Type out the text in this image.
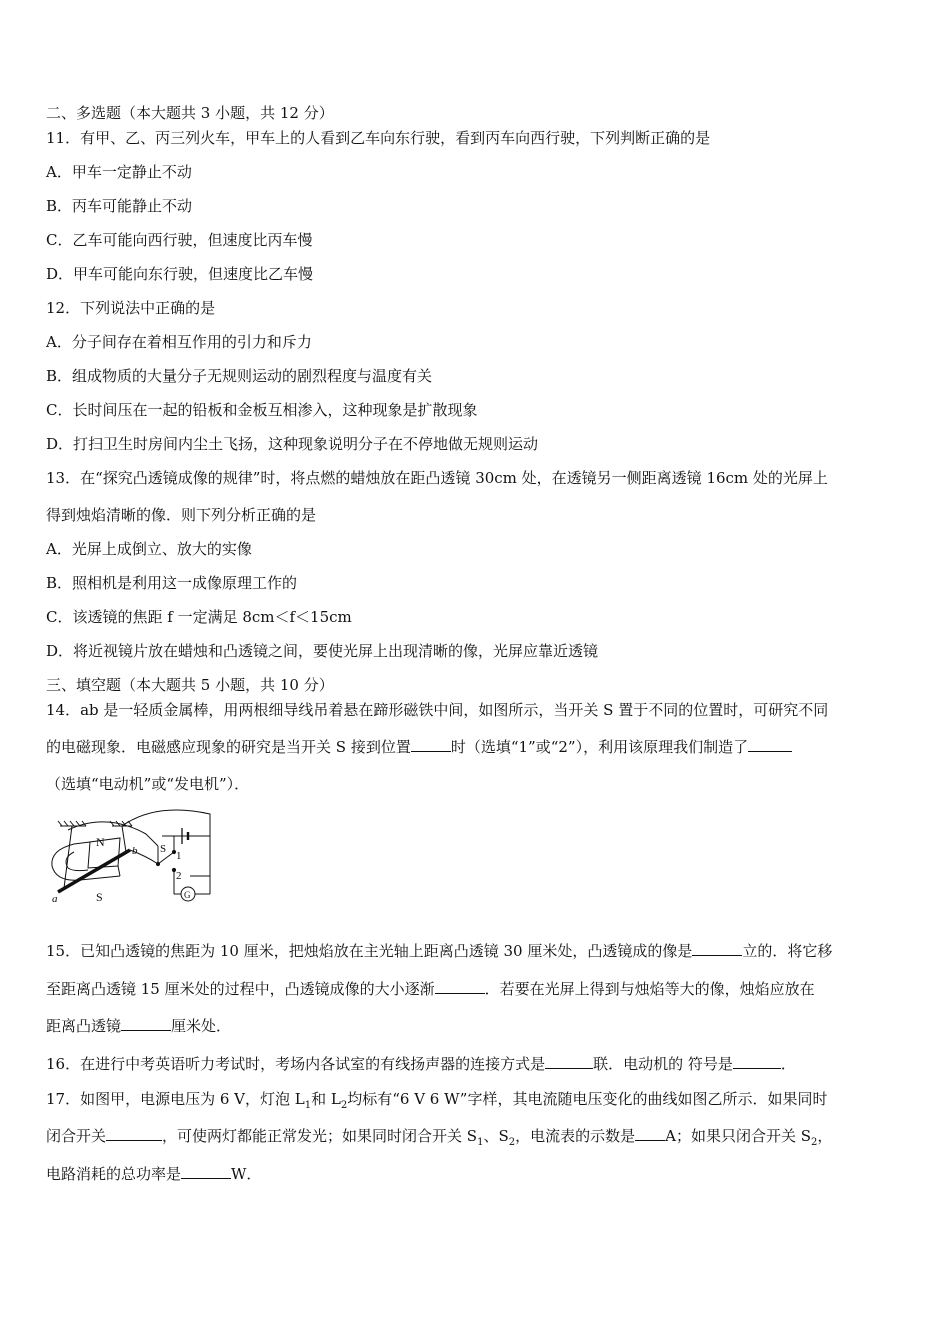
二、多选题（本大题共 3 小题，共 12 分）
11．有甲、乙、丙三列火车，甲车上的人看到乙车向东行驶，看到丙车向西行驶，下列判断正确的是
A．甲车一定静止不动
B．丙车可能静止不动
C．乙车可能向西行驶，但速度比丙车慢
D．甲车可能向东行驶，但速度比乙车慢
12．下列说法中正确的是
A．分子间存在着相互作用的引力和斥力
B．组成物质的大量分子无规则运动的剧烈程度与温度有关
C．长时间压在一起的铅板和金板互相渗入，这种现象是扩散现象
D．打扫卫生时房间内尘土飞扬，这种现象说明分子在不停地做无规则运动
13．在“探究凸透镜成像的规律”时，将点燃的蜡烛放在距凸透镜 30cm 处，在透镜另一侧距离透镜 16cm 处的光屏上
得到烛焰清晰的像．则下列分析正确的是
A．光屏上成倒立、放大的实像
B．照相机是利用这一成像原理工作的
C．该透镜的焦距 f 一定满足 8cm＜f＜15cm
D．将近视镜片放在蜡烛和凸透镜之间，要使光屏上出现清晰的像，光屏应靠近透镜
三、填空题（本大题共 5 小题，共 10 分）
14．ab 是一轻质金属棒，用两根细导线吊着悬在蹄形磁铁中间，如图所示，当开关 S 置于不同的位置时，可研究不同
的电磁现象．电磁感应现象的研究是当开关 S 接到位置	时（选填“1”或“2”），利用该原理我们制造了
（选填“电动机”或“发电机”）．
N
S
a
b S
1
2
G
15．已知凸透镜的焦距为 10 厘米，把烛焰放在主光轴上距离凸透镜 30 厘米处，凸透镜成的像是	立的．将它移
至距离凸透镜 15 厘米处的过程中，凸透镜成像的大小逐渐	．若要在光屏上得到与烛焰等大的像，烛焰应放在
距离凸透镜	厘米处．
16．在进行中考英语听力考试时，考场内各试室的有线扬声器的连接方式是	联．电动机的 符号是	．
17．如图甲，电源电压为 6 V，灯泡 $L_1$和 $L_2$均标有“6 V 6 W”字样，其电流随电压变化的曲线如图乙所示．如果同时
闭合开关	，可使两灯都能正常发光；如果同时闭合开关 $S_1$、$S_2$，电流表的示数是 A；如果只闭合开关 $S_2$，
电路消耗的总功率是	W．
